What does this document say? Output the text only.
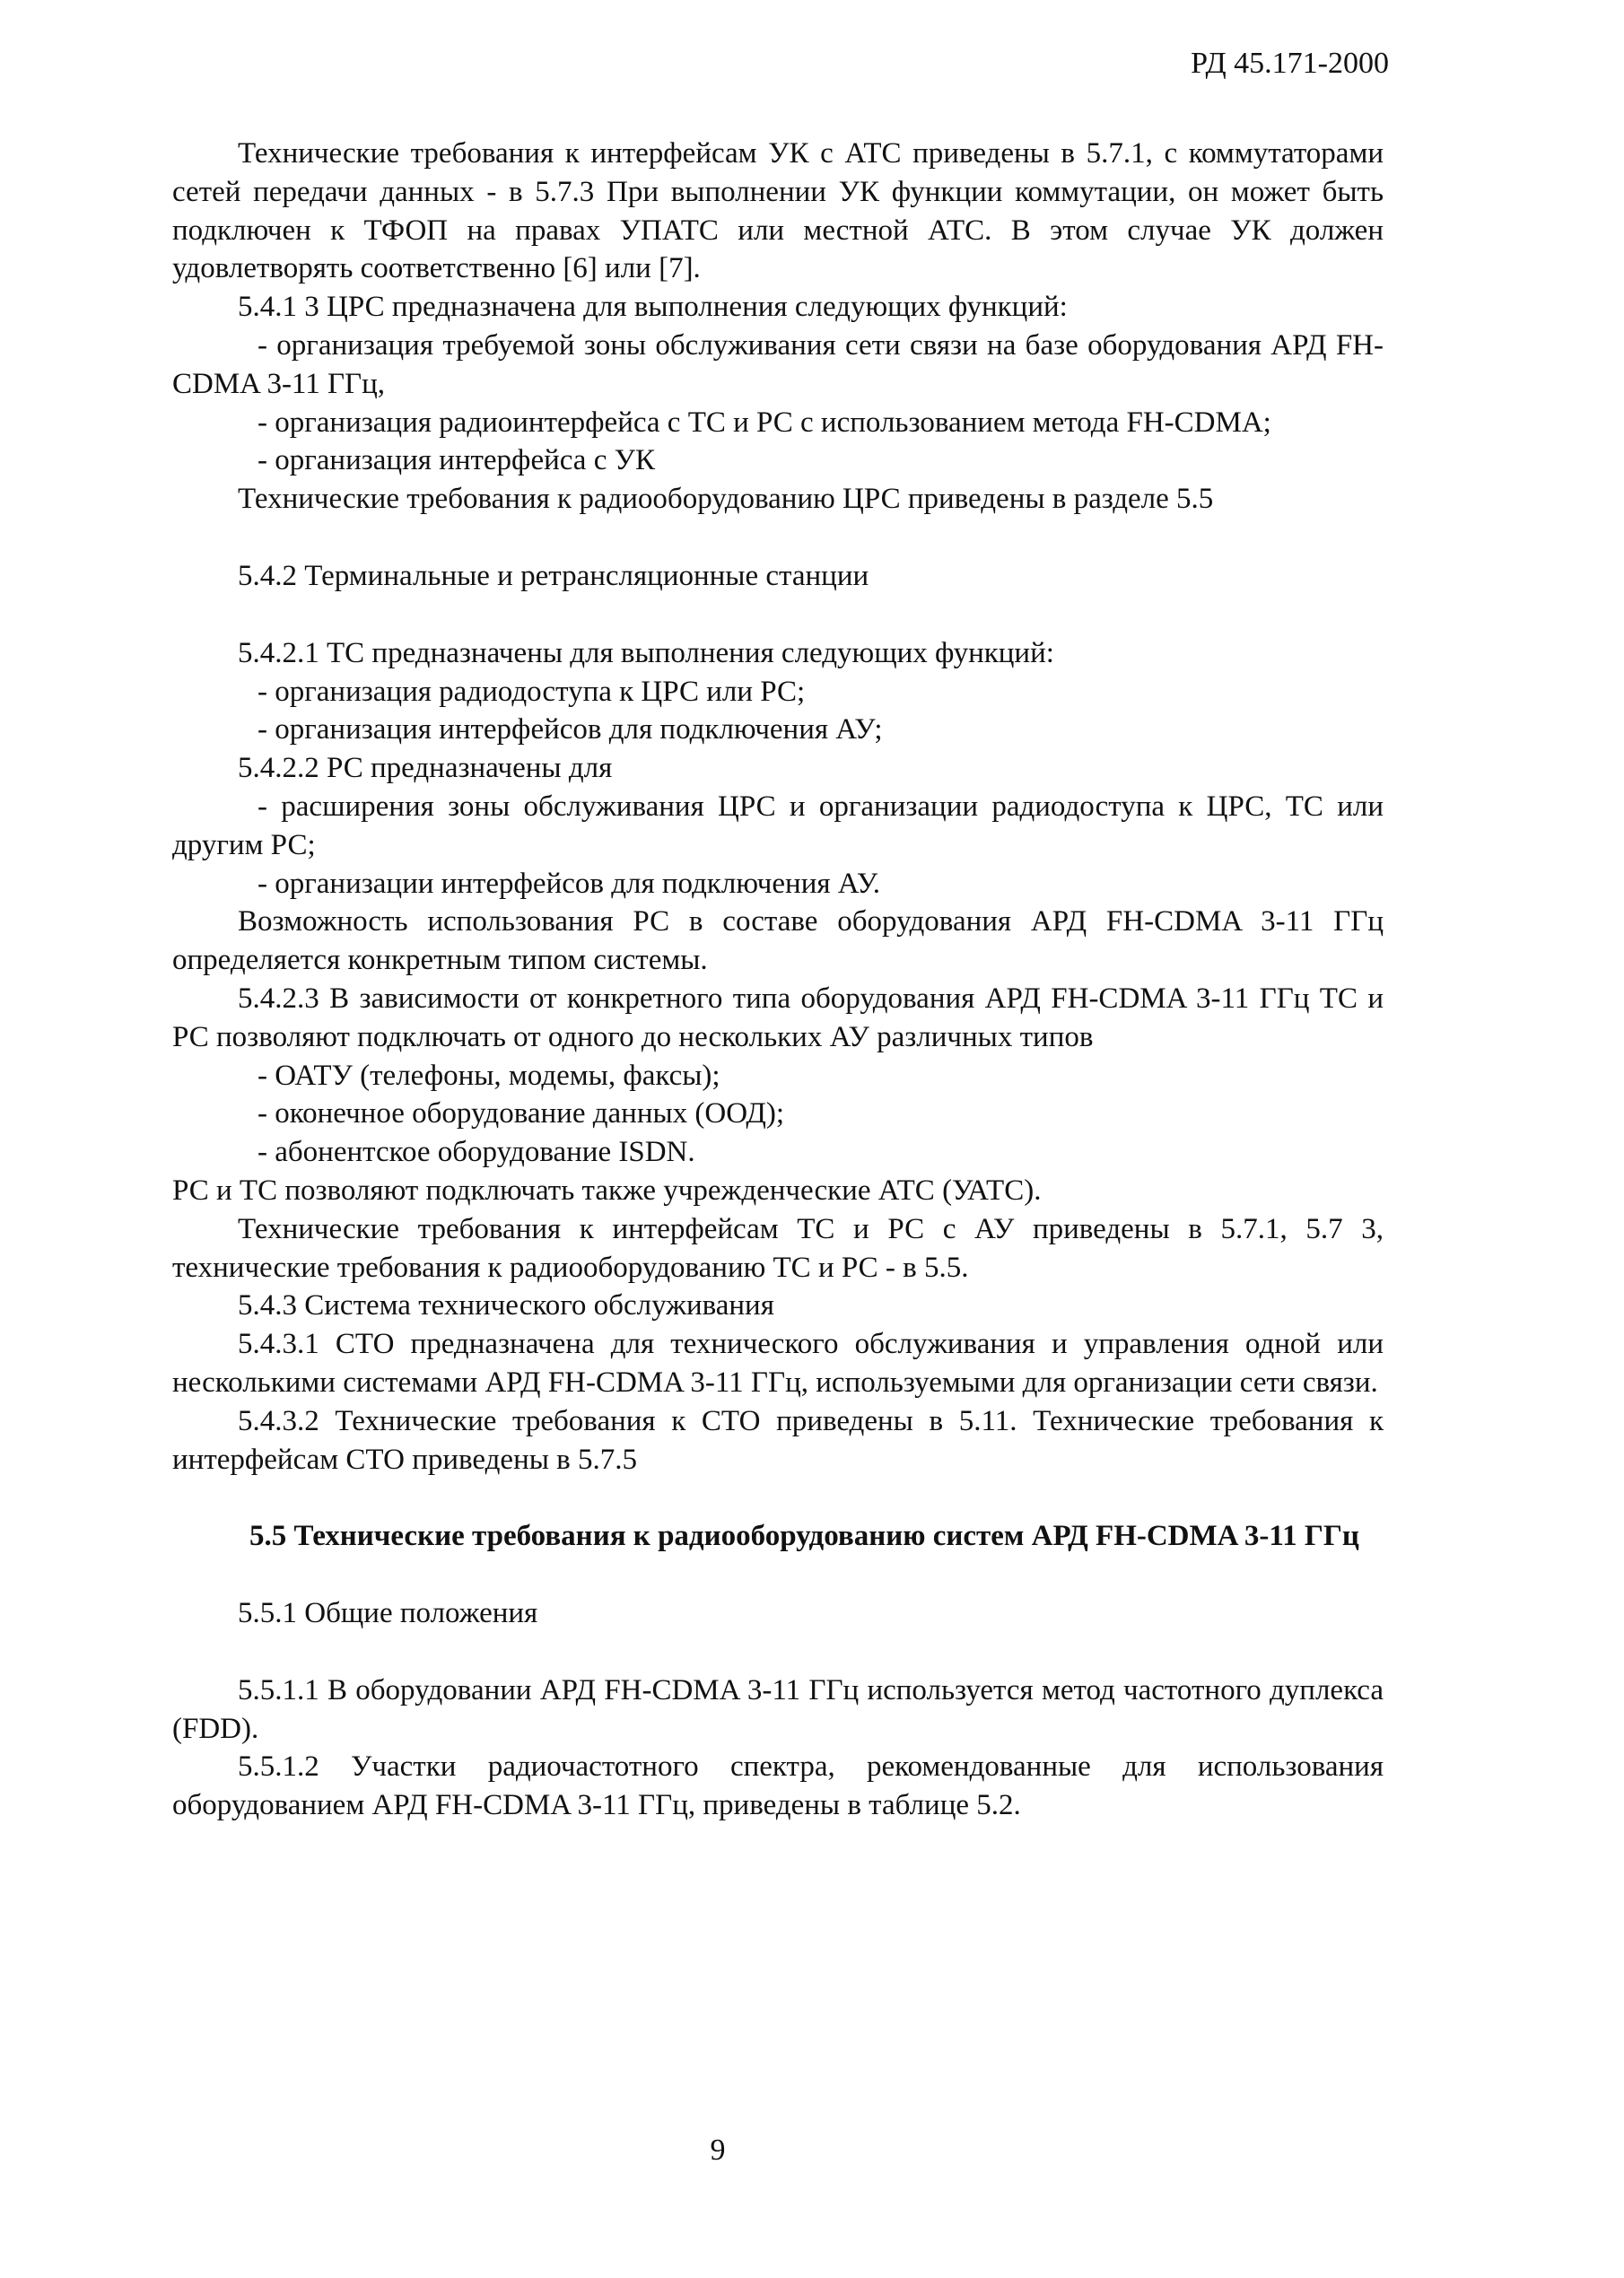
РД 45.171-2000

Технические требования к интерфейсам УК с АТС приведены в 5.7.1, с коммутаторами сетей передачи данных - в 5.7.3 При выполнении УК функции коммутации, он может быть подключен к ТФОП на правах УПАТС или местной АТС. В этом случае УК должен удовлетворять соответственно [6] или [7].

5.4.1 3 ЦРС предназначена для выполнения следующих функций:

- организация требуемой зоны обслуживания сети связи на базе оборудования АРД FH-CDMA 3-11 ГГц,

- организация радиоинтерфейса с ТС и РС с использованием метода FH-CDMA;

- организация интерфейса с УК

Технические требования к радиооборудованию ЦРС приведены в разделе 5.5

5.4.2 Терминальные и ретрансляционные станции

5.4.2.1 ТС предназначены для выполнения следующих функций:

- организация радиодоступа к ЦРС или РС;

- организация интерфейсов для подключения АУ;

5.4.2.2 РС предназначены для

- расширения зоны обслуживания ЦРС и организации радиодоступа к ЦРС, ТС или другим РС;

- организации интерфейсов для подключения АУ.

Возможность использования РС в составе оборудования АРД FH-CDMA 3-11 ГГц определяется конкретным типом системы.

5.4.2.3 В зависимости от конкретного типа оборудования АРД FH-CDMA 3-11 ГГц ТС и РС позволяют подключать от одного до нескольких АУ различных типов

- ОАТУ (телефоны, модемы, факсы);

- оконечное оборудование данных (ООД);

- абонентское оборудование ISDN.

РС и ТС позволяют подключать также учрежденческие АТС (УАТС).

Технические требования к интерфейсам ТС и РС с АУ приведены в 5.7.1, 5.7 3, технические требования к радиооборудованию ТС и РС - в 5.5.

5.4.3 Система технического обслуживания

5.4.3.1 СТО предназначена для технического обслуживания и управления одной или несколькими системами АРД FH-CDMA 3-11 ГГц, используемыми для организации сети связи.

5.4.3.2 Технические требования к СТО приведены в 5.11. Технические требования к интерфейсам СТО приведены в 5.7.5

5.5 Технические требования к радиооборудованию систем АРД FH-CDMA 3-11 ГГц

5.5.1 Общие положения

5.5.1.1 В оборудовании АРД FH-CDMA 3-11 ГГц используется метод частотного дуплекса (FDD).

5.5.1.2 Участки радиочастотного спектра, рекомендованные для использования оборудованием АРД FH-CDMA 3-11 ГГц, приведены в таблице 5.2.

9
